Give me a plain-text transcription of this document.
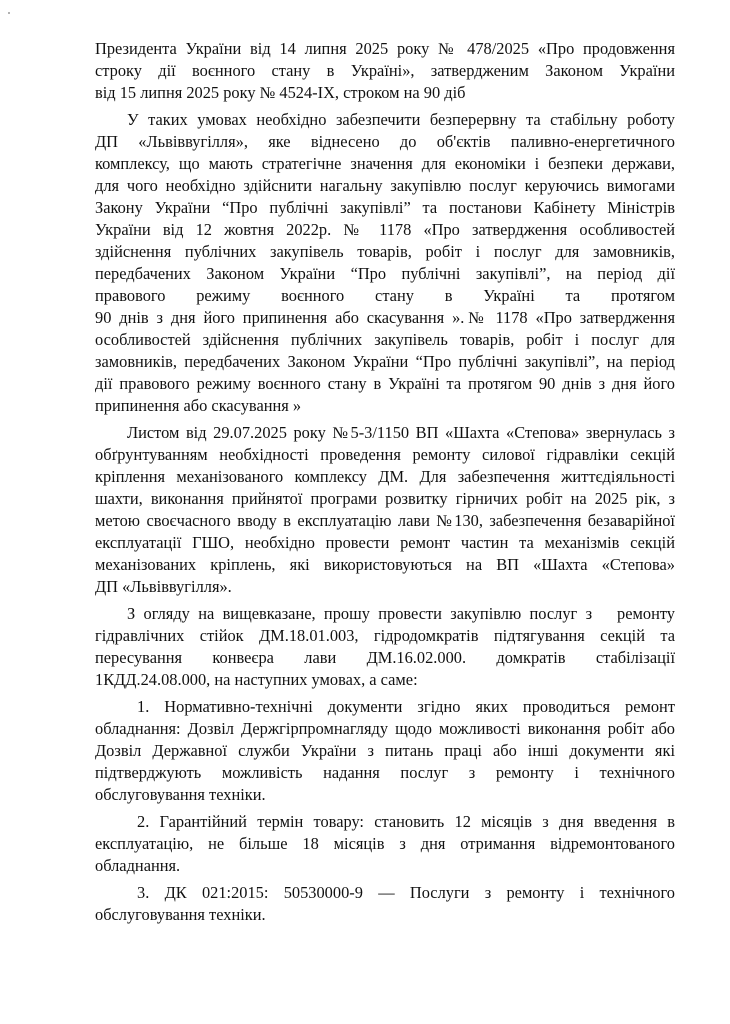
Президента України від 14 липня 2025 року № 478/2025 «Про продовження
строку дії воєнного стану в Україні», затвердженим Законом України
від 15 липня 2025 року № 4524-IX, строком на 90 діб
У таких умовах необхідно забезпечити безперервну та стабільну роботу
ДП «Львіввугілля», яке віднесено до об'єктів паливно-енергетичного
комплексу, що мають стратегічне значення для економіки і безпеки держави,
для чого необхідно здійснити нагальну закупівлю послуг керуючись вимогами
Закону України “Про публічні закупівлі” та постанови Кабінету Міністрів
України від 12 жовтня 2022р. № 1178 «Про затвердження особливостей
здійснення публічних закупівель товарів, робіт і послуг для замовників,
передбачених Законом України “Про публічні закупівлі”, на період дії
правового режиму воєнного стану в Україні та протягом
90 днів з дня його припинення або скасування ».№ 1178 «Про затвердження
особливостей здійснення публічних закупівель товарів, робіт і послуг для
замовників, передбачених Законом України “Про публічні закупівлі”, на період
дії правового режиму воєнного стану в Україні та протягом 90 днів з дня його
припинення або скасування »
Листом від 29.07.2025 року №5-3/1150 ВП «Шахта «Степова» звернулась з
обґрунтуванням необхідності проведення ремонту силової гідравліки секцій
кріплення механізованого комплексу ДМ. Для забезпечення життєдіяльності
шахти, виконання прийнятої програми розвитку гірничих робіт на 2025 рік, з
метою своєчасного вводу в експлуатацію лави №130, забезпечення безаварійної
експлуатації ГШО, необхідно провести ремонт частин та механізмів секцій
механізованих кріплень, які використовуються на ВП «Шахта «Степова»
ДП «Львіввугілля».
З огляду на вищевказане, прошу провести закупівлю послуг з   ремонту
гідравлічних стійок ДМ.18.01.003, гідродомкратів підтягування секцій та
пересування конвеєра лави ДМ.16.02.000. домкратів стабілізації
1КДД.24.08.000, на наступних умовах, а саме:
1. Нормативно-технічні документи згідно яких проводиться ремонт
обладнання: Дозвіл Держгірпромнагляду щодо можливості виконання робіт або
Дозвіл Державної служби України з питань праці або інші документи які
підтверджують можливість надання послуг з ремонту і технічного
обслуговування техніки.
2. Гарантійний термін товару: становить 12 місяців з дня введення в
експлуатацію, не більше 18 місяців з дня отримання відремонтованого
обладнання.
3. ДК 021:2015: 50530000-9 — Послуги з ремонту і технічного
обслуговування техніки.
